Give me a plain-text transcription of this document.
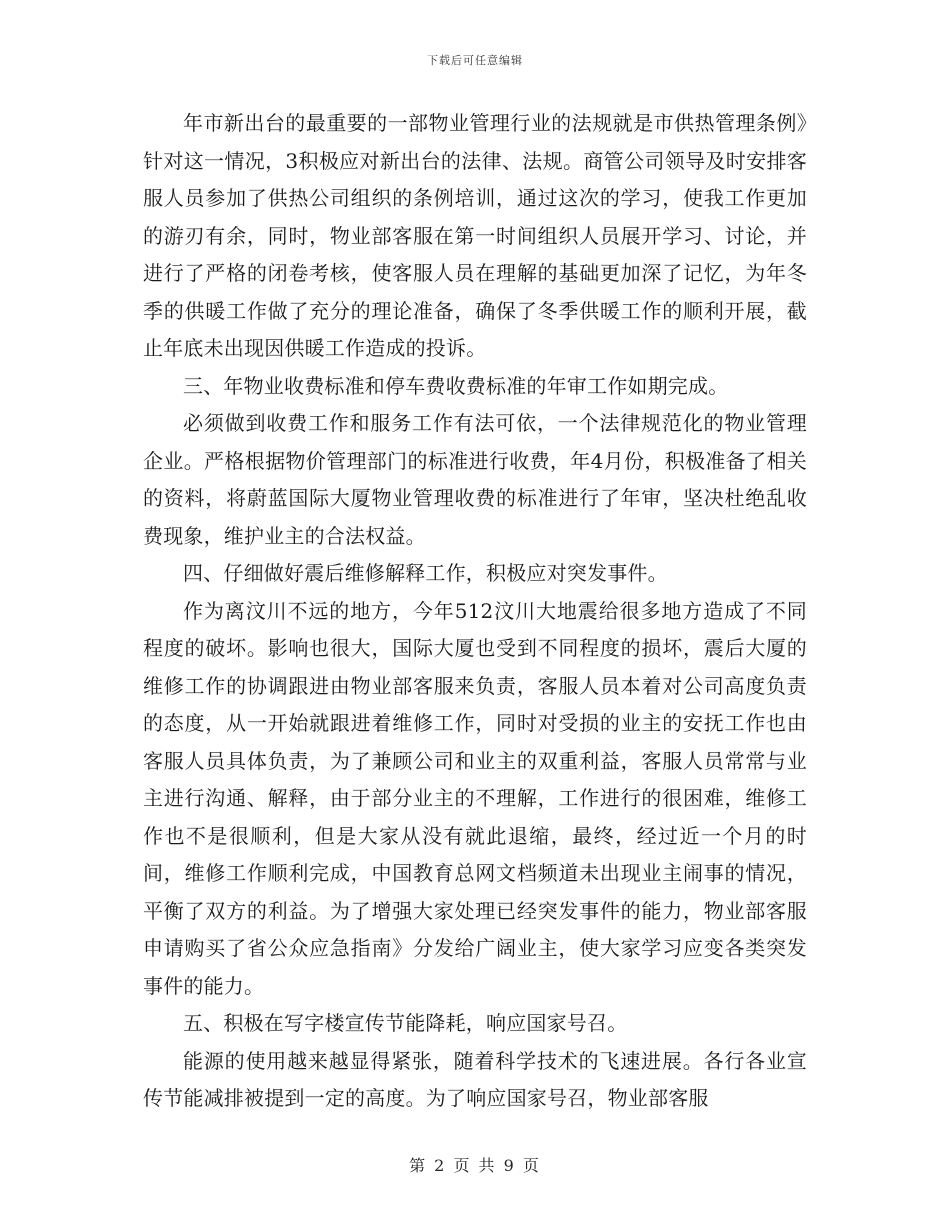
下载后可任意编辑

年市新出台的最重要的一部物业管理行业的法规就是市供热管理条例》针对这一情况，3积极应对新出台的法律、法规。商管公司领导及时安排客服人员参加了供热公司组织的条例培训，通过这次的学习，使我工作更加的游刃有余，同时，物业部客服在第一时间组织人员展开学习、讨论，并进行了严格的闭卷考核，使客服人员在理解的基础更加深了记忆，为年冬季的供暖工作做了充分的理论准备，确保了冬季供暖工作的顺利开展，截止年底未出现因供暖工作造成的投诉。

三、年物业收费标准和停车费收费标准的年审工作如期完成。

必须做到收费工作和服务工作有法可依，一个法律规范化的物业管理企业。严格根据物价管理部门的标准进行收费，年4月份，积极准备了相关的资料，将蔚蓝国际大厦物业管理收费的标准进行了年审，坚决杜绝乱收费现象，维护业主的合法权益。

四、仔细做好震后维修解释工作，积极应对突发事件。

作为离汶川不远的地方，今年512汶川大地震给很多地方造成了不同程度的破坏。影响也很大，国际大厦也受到不同程度的损坏，震后大厦的维修工作的协调跟进由物业部客服来负责，客服人员本着对公司高度负责的态度，从一开始就跟进着维修工作，同时对受损的业主的安抚工作也由客服人员具体负责，为了兼顾公司和业主的双重利益，客服人员常常与业主进行沟通、解释，由于部分业主的不理解，工作进行的很困难，维修工作也不是很顺利，但是大家从没有就此退缩，最终，经过近一个月的时间，维修工作顺利完成，中国教育总网文档频道未出现业主闹事的情况，平衡了双方的利益。为了增强大家处理已经突发事件的能力，物业部客服申请购买了省公众应急指南》分发给广阔业主，使大家学习应变各类突发事件的能力。

五、积极在写字楼宣传节能降耗，响应国家号召。

能源的使用越来越显得紧张，随着科学技术的飞速进展。各行各业宣传节能减排被提到一定的高度。为了响应国家号召，物业部客服

第 2 页 共 9 页
